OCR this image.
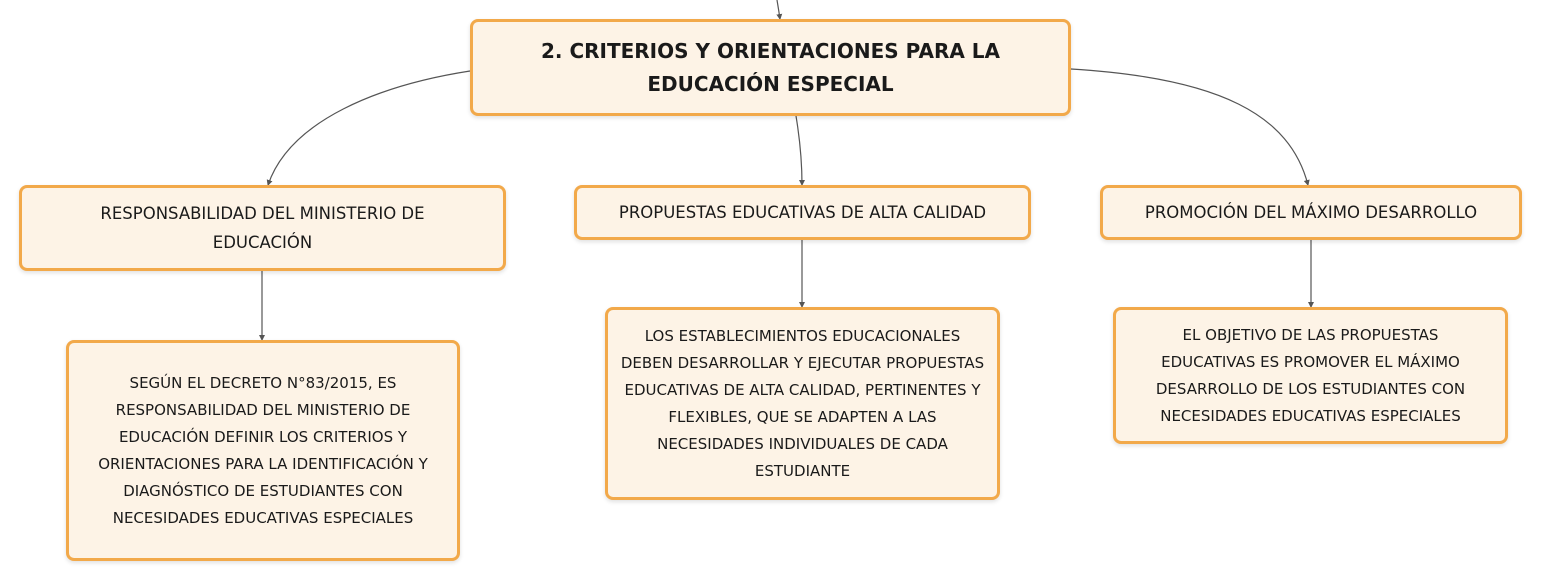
2. CRITERIOS Y ORIENTACIONES PARA LA EDUCACIÓN ESPECIAL
RESPONSABILIDAD DEL MINISTERIO DE EDUCACIÓN
PROPUESTAS EDUCATIVAS DE ALTA CALIDAD	PROMOCIÓN DEL MÁXIMO DESARROLLO
SEGÚN EL DECRETO N°83/2015, ES RESPONSABILIDAD DEL MINISTERIO DE EDUCACIÓN DEFINIR LOS CRITERIOS Y ORIENTACIONES PARA LA IDENTIFICACIÓN Y DIAGNÓSTICO DE ESTUDIANTES CON NECESIDADES EDUCATIVAS ESPECIALES
LOS ESTABLECIMIENTOS EDUCACIONALES DEBEN DESARROLLAR Y EJECUTAR PROPUESTAS EDUCATIVAS DE ALTA CALIDAD, PERTINENTES Y FLEXIBLES, QUE SE ADAPTEN A LAS NECESIDADES INDIVIDUALES DE CADA ESTUDIANTE
EL OBJETIVO DE LAS PROPUESTAS EDUCATIVAS ES PROMOVER EL MÁXIMO DESARROLLO DE LOS ESTUDIANTES CON NECESIDADES EDUCATIVAS ESPECIALES
